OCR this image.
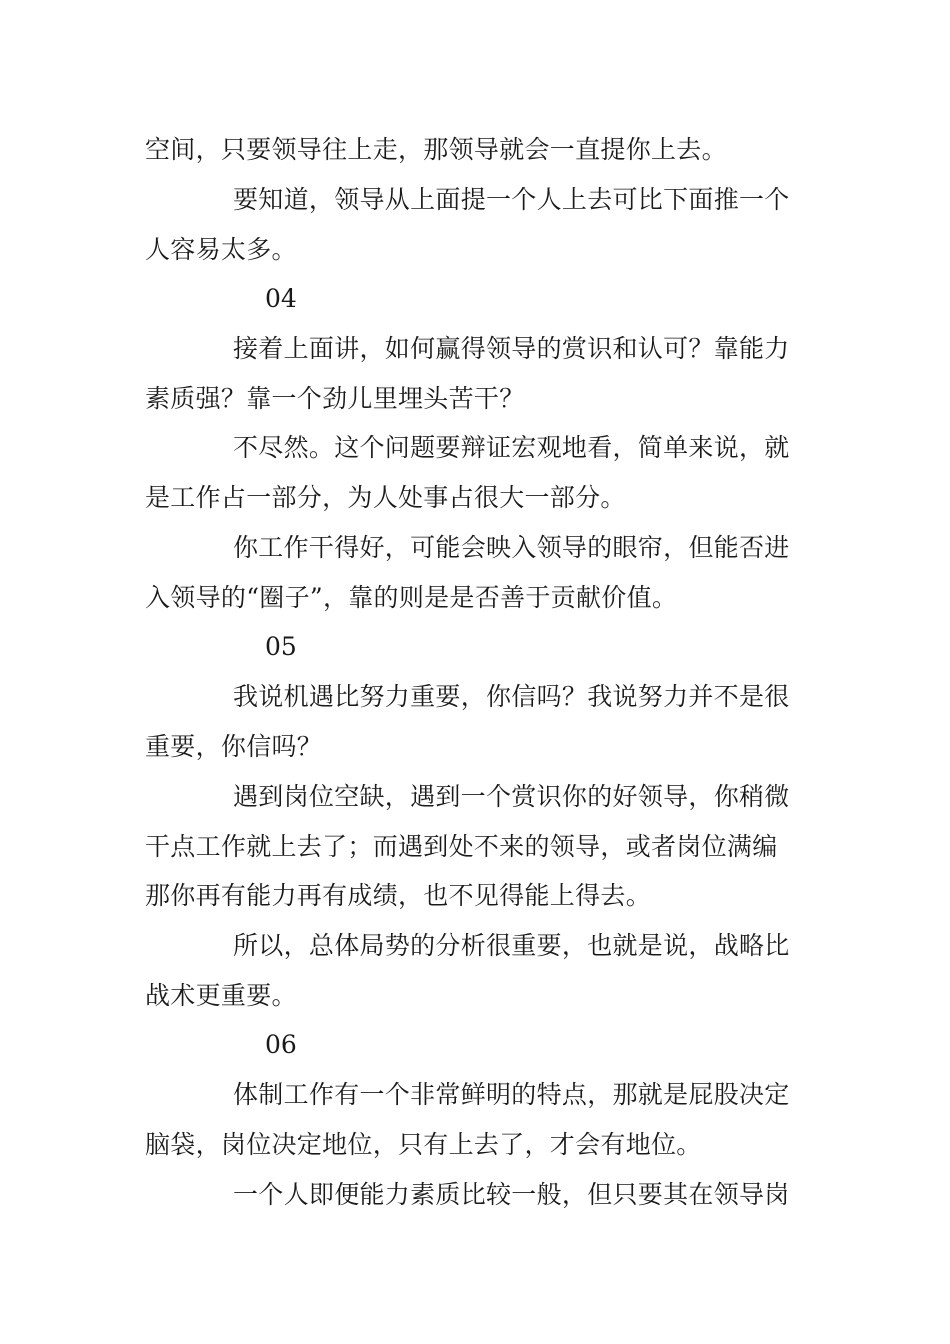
空间，只要领导往上走，那领导就会一直提你上去。
要知道，领导从上面提一个人上去可比下面推一个
人容易太多。
04
接着上面讲，如何赢得领导的赏识和认可？靠能力
素质强？靠一个劲儿里埋头苦干？
不尽然。这个问题要辩证宏观地看，简单来说，就
是工作占一部分，为人处事占很大一部分。
你工作干得好，可能会映入领导的眼帘，但能否进
入领导的“圈子”，靠的则是是否善于贡献价值。
05
我说机遇比努力重要，你信吗？我说努力并不是很
重要，你信吗？
遇到岗位空缺，遇到一个赏识你的好领导，你稍微
干点工作就上去了；而遇到处不来的领导，或者岗位满编
那你再有能力再有成绩，也不见得能上得去。
所以，总体局势的分析很重要，也就是说，战略比
战术更重要。
06
体制工作有一个非常鲜明的特点，那就是屁股决定
脑袋，岗位决定地位，只有上去了，才会有地位。
一个人即便能力素质比较一般，但只要其在领导岗
